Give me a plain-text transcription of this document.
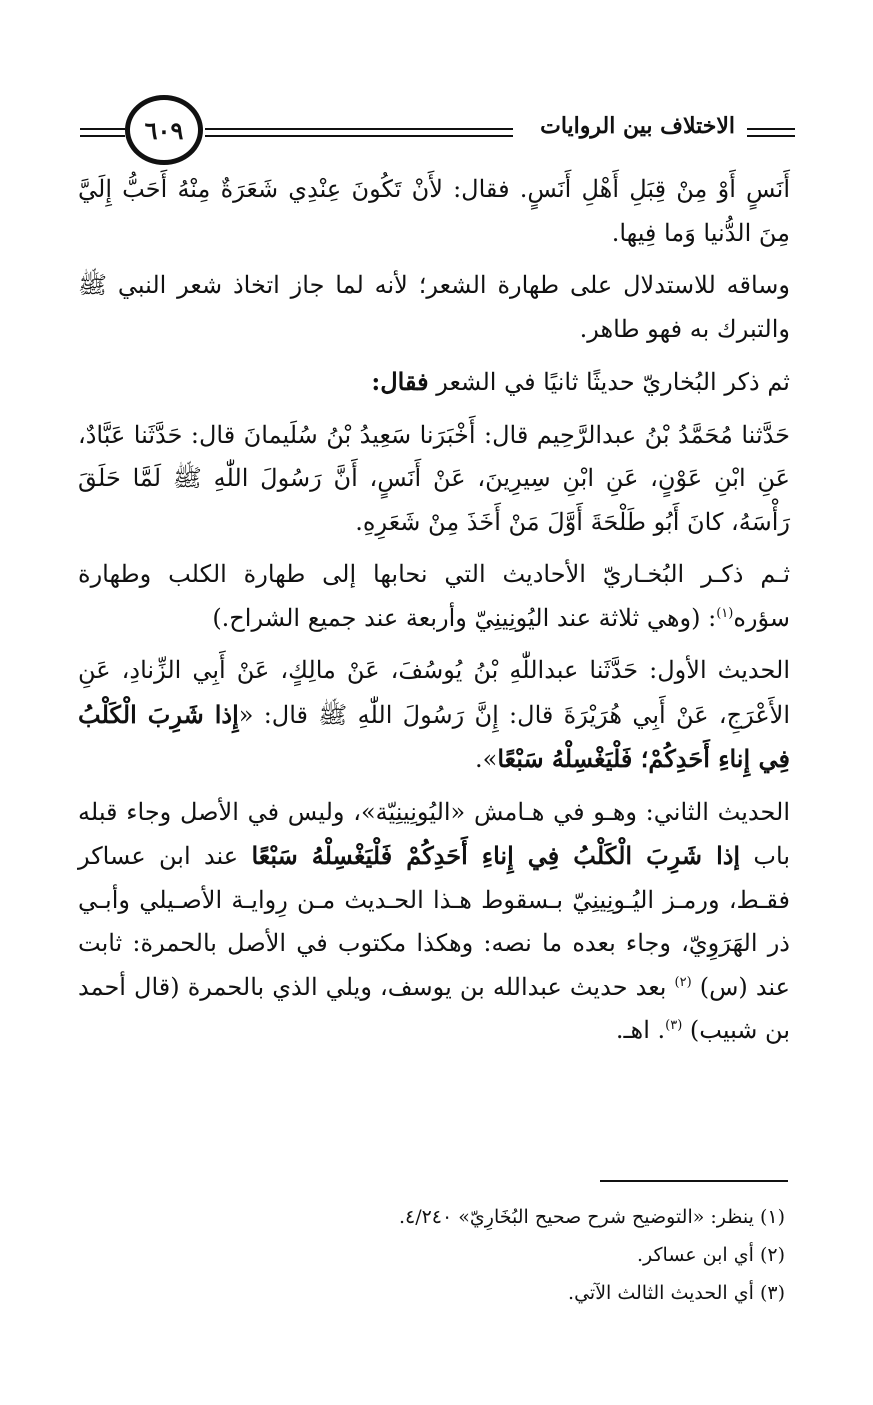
الاختلاف بين الروايات
٦٠٩

أَنَسٍ أَوْ مِنْ قِبَلِ أَهْلِ أَنَسٍ. فقال: لأَنْ تَكُونَ عِنْدِي شَعَرَةٌ مِنْهُ أَحَبُّ إِلَيَّ مِنَ الدُّنيا وَما فِيها.

وساقه للاستدلال على طهارة الشعر؛ لأنه لما جاز اتخاذ شعر النبي ﷺ والتبرك به فهو طاهر.

ثم ذكر البُخاريّ حديثًا ثانيًا في الشعر فقال:

حَدَّثنا مُحَمَّدُ بْنُ عبدالرَّحِيم قال: أَخْبَرَنا سَعِيدُ بْنُ سُلَيمانَ قال: حَدَّثَنا عَبَّادٌ، عَنِ ابْنِ عَوْنٍ، عَنِ ابْنِ سِيرِينَ، عَنْ أَنَسٍ، أَنَّ رَسُولَ اللّٰهِ ﷺ لَمَّا حَلَقَ رَأْسَهُ، كانَ أَبُو طَلْحَةَ أَوَّلَ مَنْ أَخَذَ مِنْ شَعَرِهِ.

ثـم ذكـر البُخـاريّ الأحاديث التي نحابها إلى طهارة الكلب وطهارة سؤره$^{(١)}$: (وهي ثلاثة عند اليُونِينِيّ وأربعة عند جميع الشراح.)

الحديث الأول: حَدَّثَنا عبداللّٰهِ بْنُ يُوسُفَ، عَنْ مالِكٍ، عَنْ أَبِي الزِّنادِ، عَنِ الأَعْرَجِ، عَنْ أَبِي هُرَيْرَةَ قال: إِنَّ رَسُولَ اللّٰهِ ﷺ قال: «إِذا شَرِبَ الْكَلْبُ فِي إِناءِ أَحَدِكُمْ؛ فَلْيَغْسِلْهُ سَبْعًا».

الحديث الثاني: وهـو في هـامش «اليُونِينِيّة»، وليس في الأصل وجاء قبله باب إذا شَرِبَ الْكَلْبُ فِي إِناءِ أَحَدِكُمْ فَلْيَغْسِلْهُ سَبْعًا عند ابن عساكر فقـط، ورمـز اليُـونِينِيّ بـسقوط هـذا الحـديث مـن رِوايـة الأصـيلي وأبـي ذر الهَرَوِيّ، وجاء بعده ما نصه: وهكذا مكتوب في الأصل بالحمرة: ثابت عند (س) $^{(٢)}$ بعد حديث عبدالله بن يوسف، ويلي الذي بالحمرة (قال أحمد بن شبيب) $^{(٣)}$. اهـ.

(١) ينظر: «التوضيح شرح صحيح البُخَارِيّ» ٤/٢٤٠.
(٢) أي ابن عساكر.
(٣) أي الحديث الثالث الآتي.
